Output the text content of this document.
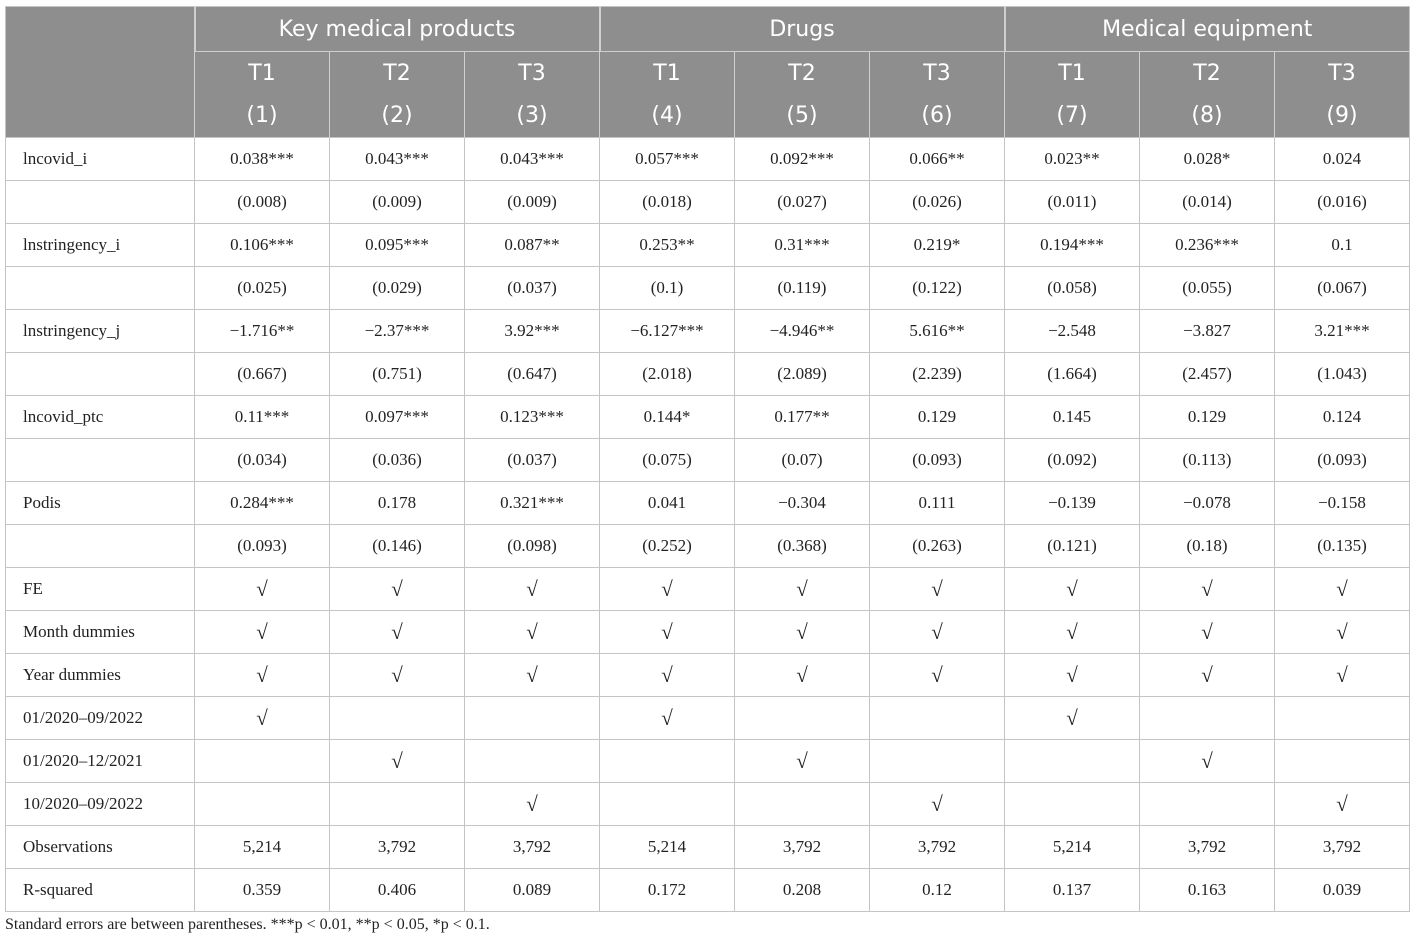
	Key medical products			Drugs			Medical equipment		
	T1	T2	T3	T1	T2	T3	T1	T2	T3
	(1)	(2)	(3)	(4)	(5)	(6)	(7)	(8)	(9)
lncovid_i	0.038***	0.043***	0.043***	0.057***	0.092***	0.066**	0.023**	0.028*	0.024
	(0.008)	(0.009)	(0.009)	(0.018)	(0.027)	(0.026)	(0.011)	(0.014)	(0.016)
lnstringency_i	0.106***	0.095***	0.087**	0.253**	0.31***	0.219*	0.194***	0.236***	0.1
	(0.025)	(0.029)	(0.037)	(0.1)	(0.119)	(0.122)	(0.058)	(0.055)	(0.067)
lnstringency_j	−1.716**	−2.37***	3.92***	−6.127***	−4.946**	5.616**	−2.548	−3.827	3.21***
	(0.667)	(0.751)	(0.647)	(2.018)	(2.089)	(2.239)	(1.664)	(2.457)	(1.043)
lncovid_ptc	0.11***	0.097***	0.123***	0.144*	0.177**	0.129	0.145	0.129	0.124
	(0.034)	(0.036)	(0.037)	(0.075)	(0.07)	(0.093)	(0.092)	(0.113)	(0.093)
Podis	0.284***	0.178	0.321***	0.041	−0.304	0.111	−0.139	−0.078	−0.158
	(0.093)	(0.146)	(0.098)	(0.252)	(0.368)	(0.263)	(0.121)	(0.18)	(0.135)
FE	√	√	√	√	√	√	√	√	√
Month dummies	√	√	√	√	√	√	√	√	√
Year dummies	√	√	√	√	√	√	√	√	√
01/2020–09/2022	√			√			√		
01/2020–12/2021		√			√			√	
10/2020–09/2022			√			√			√
Observations	5,214	3,792	3,792	5,214	3,792	3,792	5,214	3,792	3,792
R-squared	0.359	0.406	0.089	0.172	0.208	0.12	0.137	0.163	0.039
Standard errors are between parentheses. ***p < 0.01, **p < 0.05, *p < 0.1.
